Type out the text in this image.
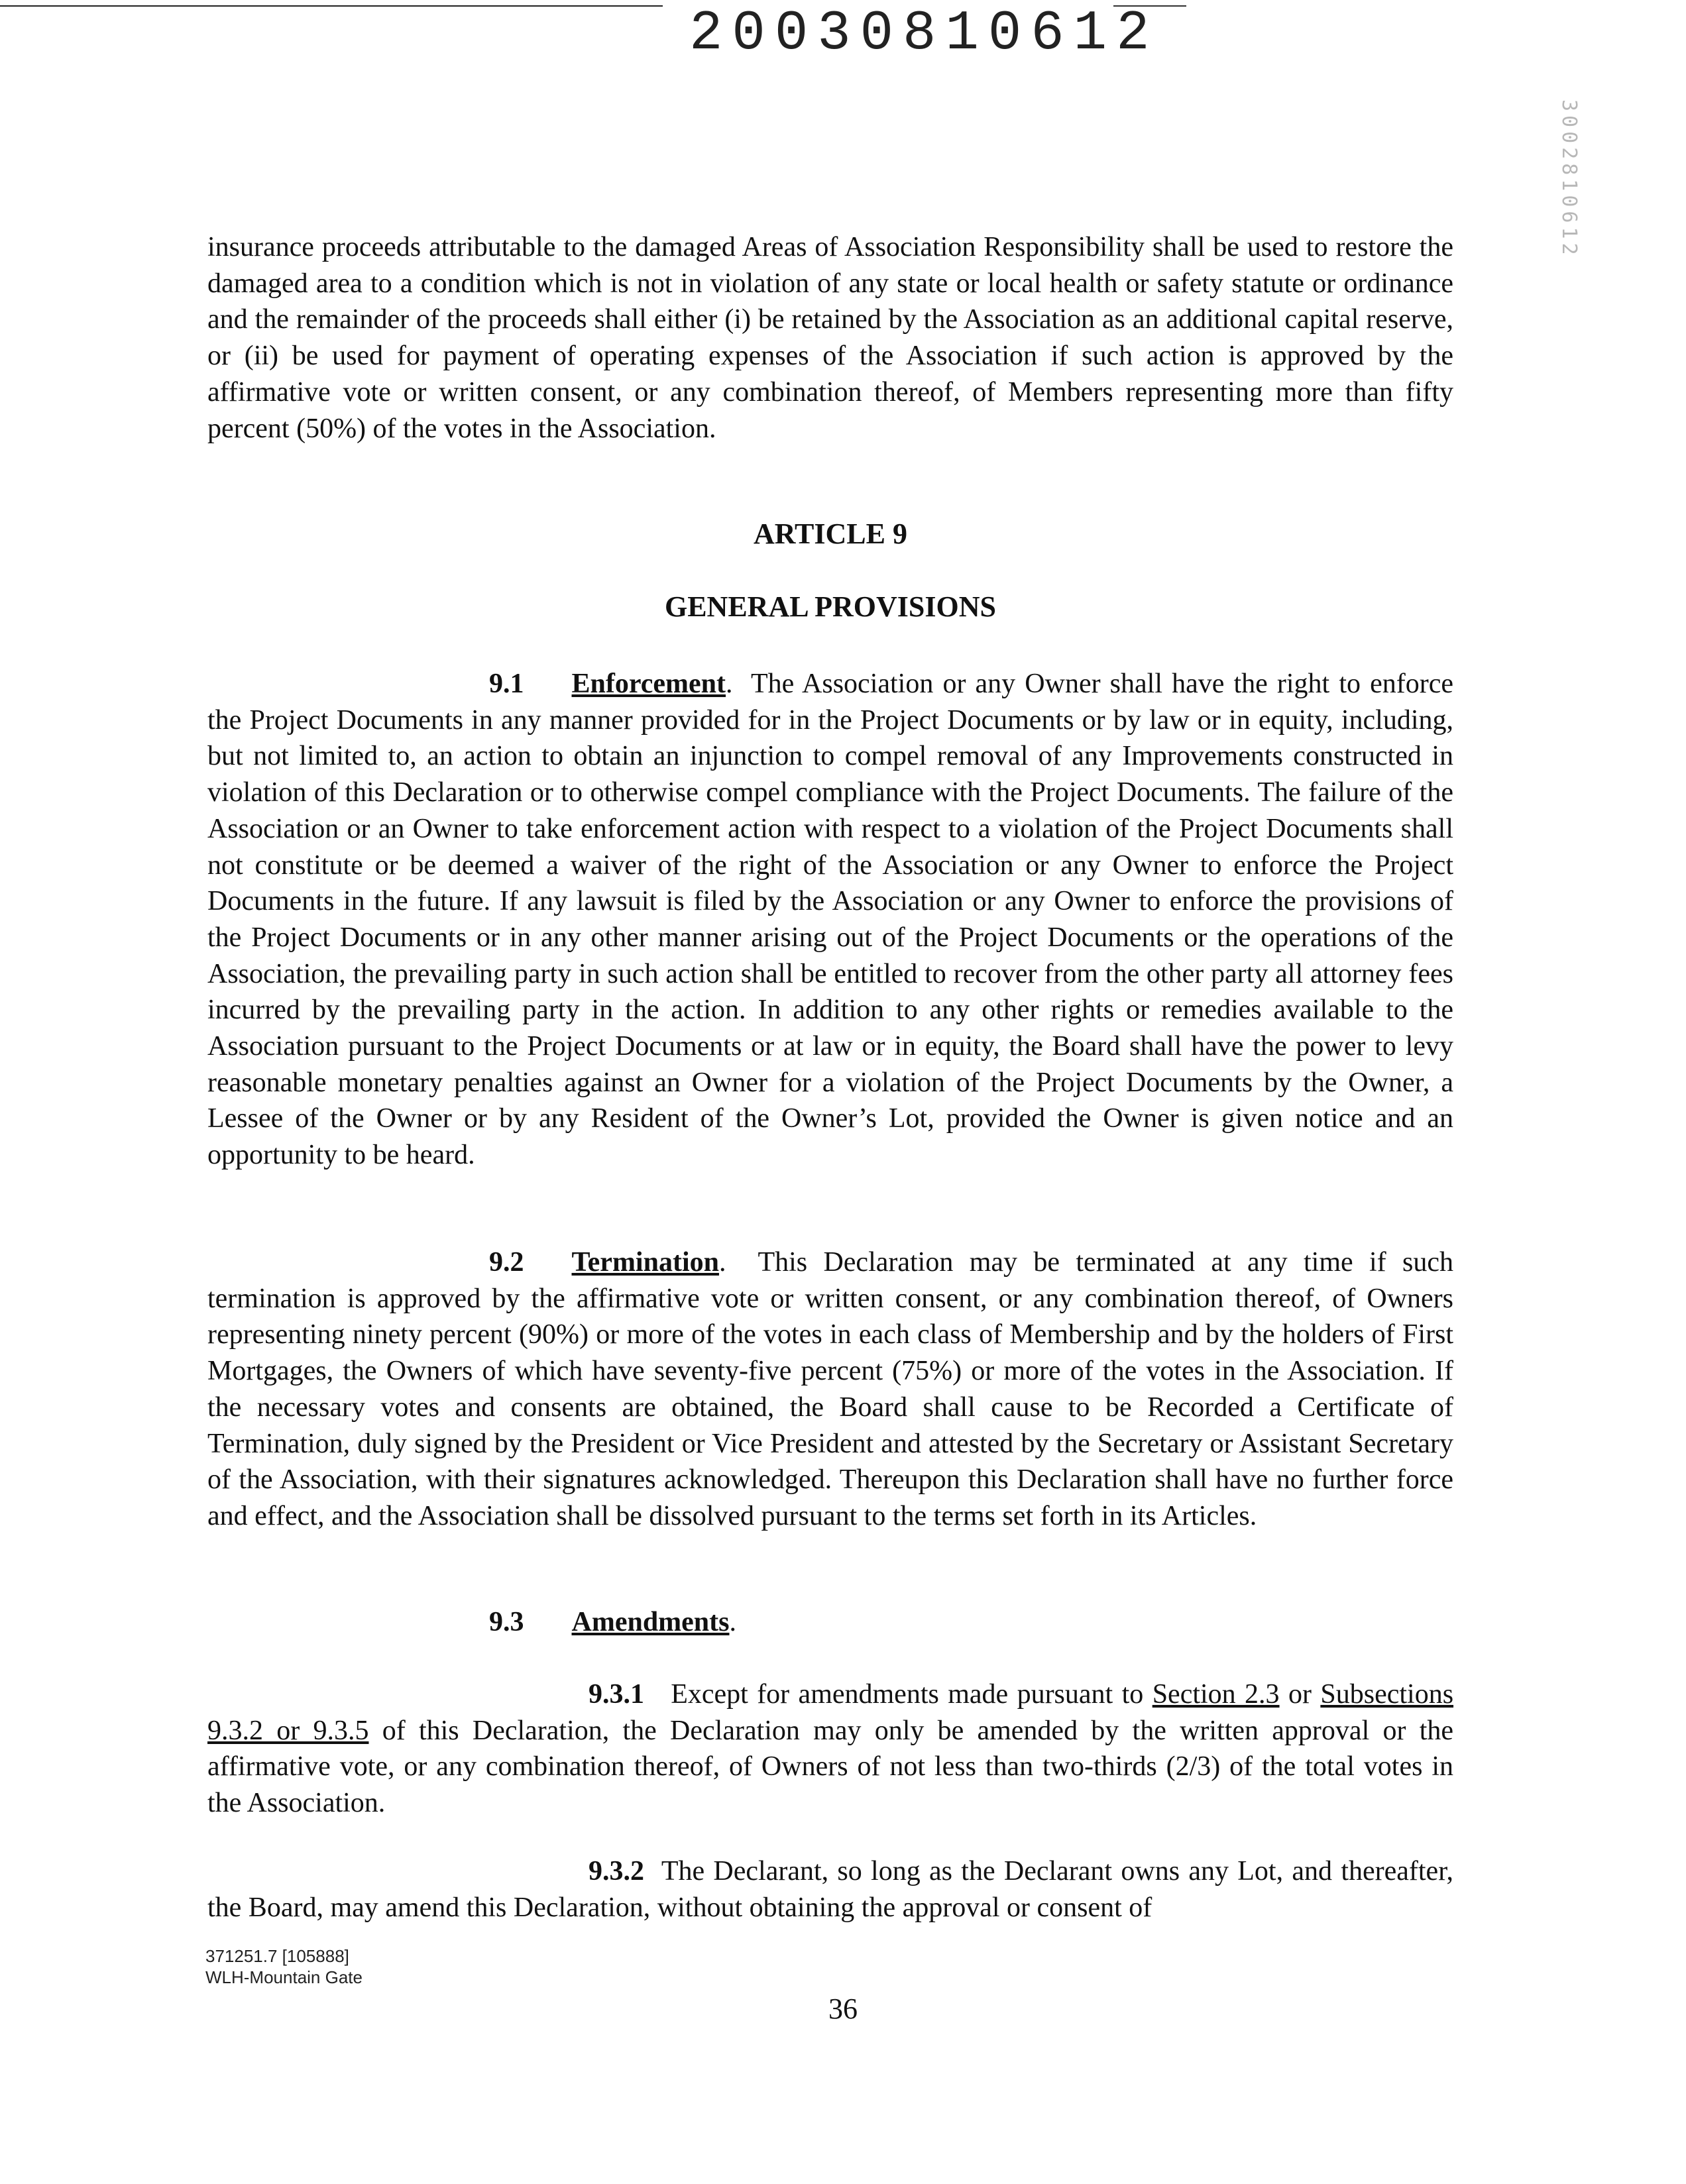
20030810612
3002810612

insurance proceeds attributable to the damaged Areas of Association Responsibility shall be used to restore the damaged area to a condition which is not in violation of any state or local health or safety statute or ordinance and the remainder of the proceeds shall either (i) be retained by the Association as an additional capital reserve, or (ii) be used for payment of operating expenses of the Association if such action is approved by the affirmative vote or written consent, or any combination thereof, of Members representing more than fifty percent (50%) of the votes in the Association.

ARTICLE 9
GENERAL PROVISIONS

9.1 Enforcement.  The Association or any Owner shall have the right to enforce the Project Documents in any manner provided for in the Project Documents or by law or in equity, including, but not limited to, an action to obtain an injunction to compel removal of any Improvements constructed in violation of this Declaration or to otherwise compel compliance with the Project Documents. The failure of the Association or an Owner to take enforcement action with respect to a violation of the Project Documents shall not constitute or be deemed a waiver of the right of the Association or any Owner to enforce the Project Documents in the future. If any lawsuit is filed by the Association or any Owner to enforce the provisions of the Project Documents or in any other manner arising out of the Project Documents or the operations of the Association, the prevailing party in such action shall be entitled to recover from the other party all attorney fees incurred by the prevailing party in the action. In addition to any other rights or remedies available to the Association pursuant to the Project Documents or at law or in equity, the Board shall have the power to levy reasonable monetary penalties against an Owner for a violation of the Project Documents by the Owner, a Lessee of the Owner or by any Resident of the Owner’s Lot, provided the Owner is given notice and an opportunity to be heard.

9.2 Termination.  This Declaration may be terminated at any time if such termination is approved by the affirmative vote or written consent, or any combination thereof, of Owners representing ninety percent (90%) or more of the votes in each class of Membership and by the holders of First Mortgages, the Owners of which have seventy-five percent (75%) or more of the votes in the Association. If the necessary votes and consents are obtained, the Board shall cause to be Recorded a Certificate of Termination, duly signed by the President or Vice President and attested by the Secretary or Assistant Secretary of the Association, with their signatures acknowledged. Thereupon this Declaration shall have no further force and effect, and the Association shall be dissolved pursuant to the terms set forth in its Articles.

9.3 Amendments.

9.3.1 Except for amendments made pursuant to Section 2.3 or Subsections 9.3.2 or 9.3.5 of this Declaration, the Declaration may only be amended by the written approval or the affirmative vote, or any combination thereof, of Owners of not less than two-thirds (2/3) of the total votes in the Association.

9.3.2 The Declarant, so long as the Declarant owns any Lot, and thereafter, the Board, may amend this Declaration, without obtaining the approval or consent of

371251.7 [105888]
WLH-Mountain Gate
36
